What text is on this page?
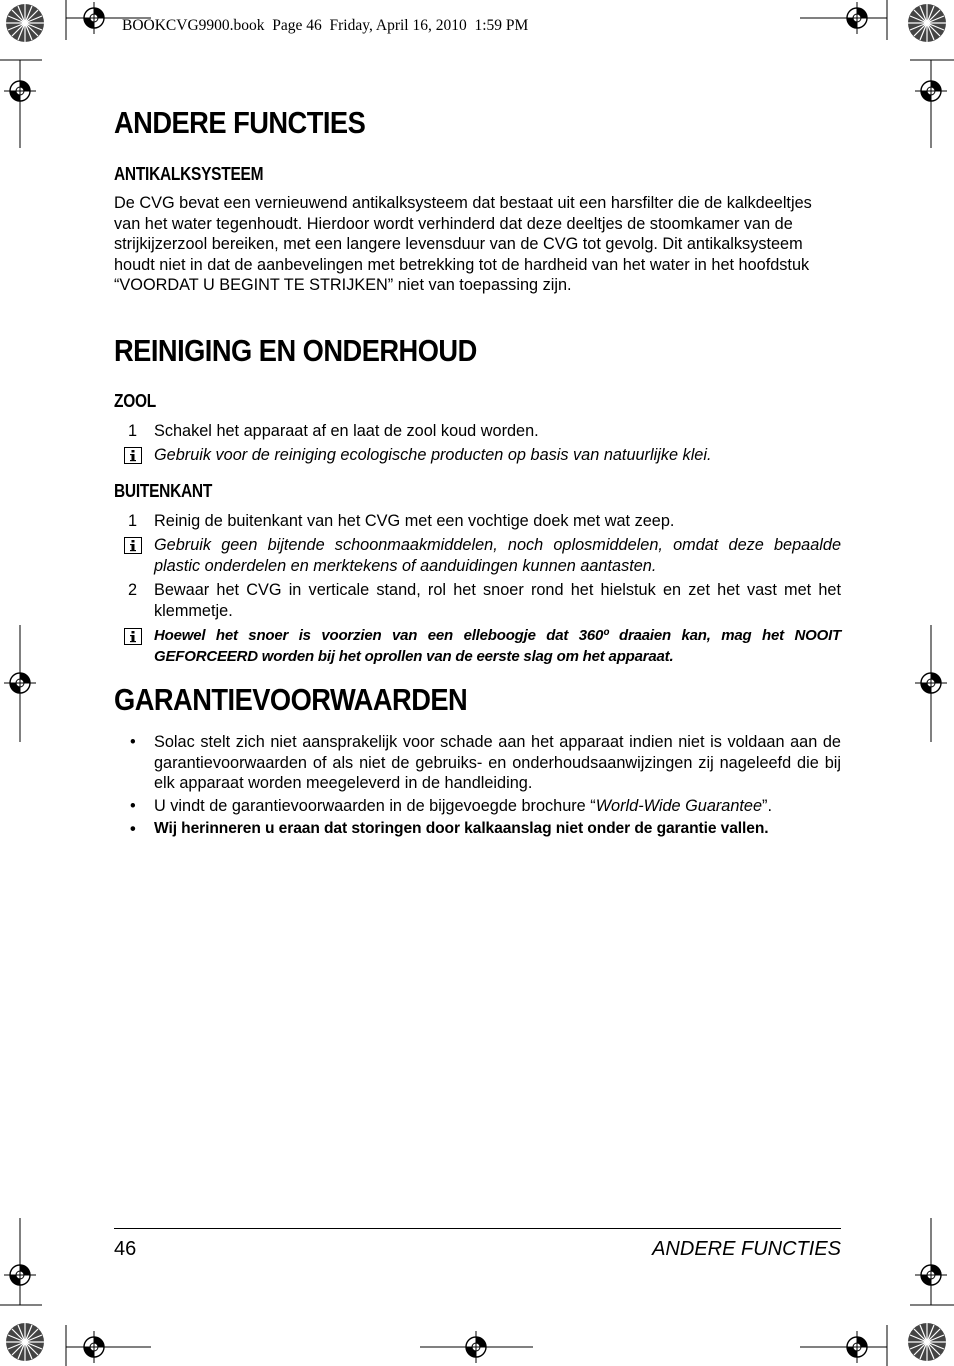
BOOKCVG9900.book  Page 46  Friday, April 16, 2010  1:59 PM
ANDERE FUNCTIES
ANTIKALKSYSTEEM

De CVG bevat een vernieuwend antikalksysteem dat bestaat uit een harsfilter die de kalkdeeltjes van het water tegenhoudt. Hierdoor wordt verhinderd dat deze deeltjes de stoomkamer van de strijkijzerzool bereiken, met een langere levensduur van de CVG tot gevolg. Dit antikalksysteem houdt niet in dat de aanbevelingen met betrekking tot de hardheid van het water in het hoofdstuk “VOORDAT U BEGINT TE STRIJKEN” niet van toepassing zijn.

REINIGING EN ONDERHOUD
ZOOL
1 Schakel het apparaat af en laat de zool koud worden.

Gebruik voor de reiniging ecologische producten op basis van natuurlijke klei.

BUITENKANT
1 Reinig de buitenkant van het CVG met een vochtige doek met wat zeep.

Gebruik geen bijtende schoonmaakmiddelen, noch oplosmiddelen, omdat deze bepaalde plastic onderdelen en merktekens of aanduidingen kunnen aantasten.

2 Bewaar het CVG in verticale stand, rol het snoer rond het hielstuk en zet het vast met het klemmetje.

Hoewel het snoer is voorzien van een elleboogje dat 360º draaien kan, mag het NOOIT GEFORCEERD worden bij het oprollen van de eerste slag om het apparaat.

GARANTIEVOORWAARDEN
• Solac stelt zich niet aansprakelijk voor schade aan het apparaat indien niet is voldaan aan de garantievoorwaarden of als niet de gebruiks- en onderhoudsaanwijzingen zij nageleefd die bij elk apparaat worden meegeleverd in de handleiding.

• U vindt de garantievoorwaarden in de bijgevoegde brochure “World-Wide Guarantee”.

• Wij herinneren u eraan dat storingen door kalkaanslag niet onder de garantie vallen.

46	ANDERE FUNCTIES
